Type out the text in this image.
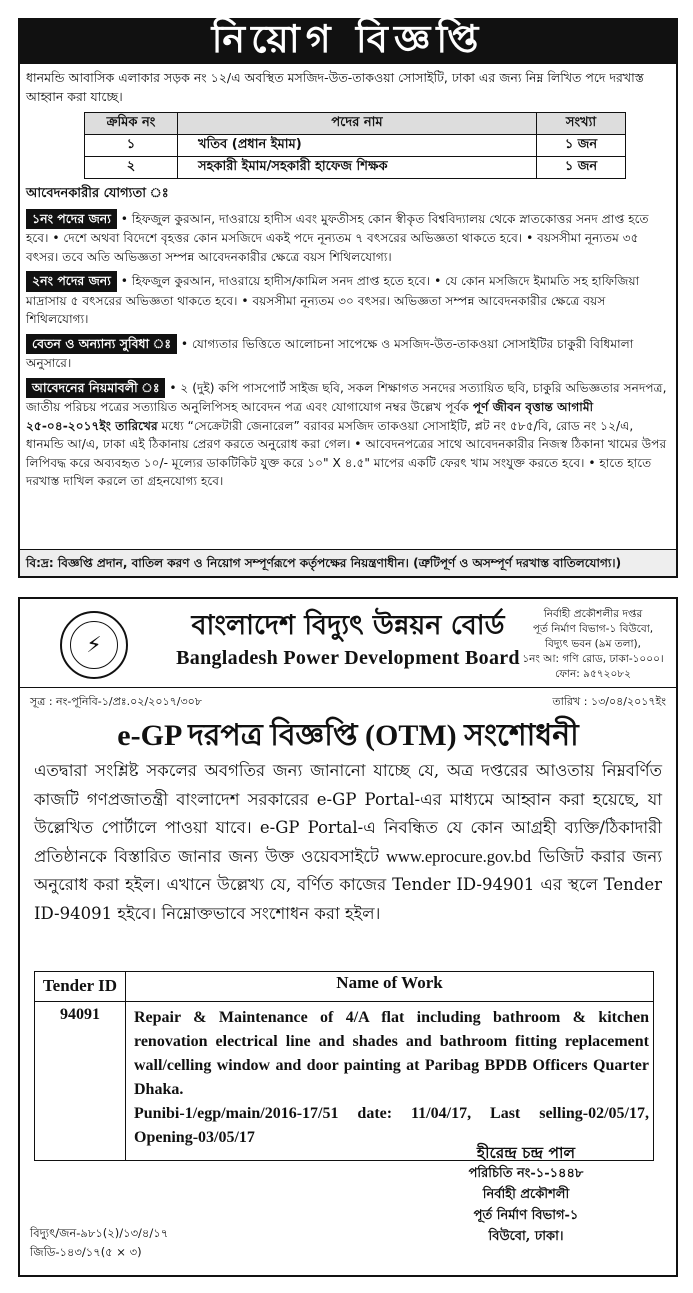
নিয়োগ বিজ্ঞপ্তি
ধানমন্ডি আবাসিক এলাকার সড়ক নং ১২/এ অবস্থিত মসজিদ-উত-তাকওয়া সোসাইটি, ঢাকা এর জন্য নিম্ন লিখিত পদে দরখাস্ত আহ্বান করা যাচ্ছে।
ক্রমিক নং	পদের নাম	সংখ্যা
১	খতিব (প্রধান ইমাম)	১ জন
২	সহকারী ইমাম/সহকারী হাফেজ শিক্ষক	১ জন
আবেদনকারীর যোগ্যতা ঃ
১নং পদের জন্য • হিফজুল কুরআন, দাওরায়ে হাদীস এবং মুফতীসহ কোন স্বীকৃত বিশ্ববিদ্যালয় থেকে স্নাতকোত্তর সনদ প্রাপ্ত হতে হবে। • দেশে অথবা বিদেশে বৃহত্তর কোন মসজিদে একই পদে নূন্যতম ৭ বৎসরের অভিজ্ঞতা থাকতে হবে। • বয়সসীমা নূন্যতম ৩৫ বৎসর। তবে অতি অভিজ্ঞতা সম্পন্ন আবেদনকারীর ক্ষেত্রে বয়স শিথিলযোগ্য।
২নং পদের জন্য • হিফজুল কুরআন, দাওরায়ে হাদীস/কামিল সনদ প্রাপ্ত হতে হবে। • যে কোন মসজিদে ইমামতি সহ হাফিজিয়া মাদ্রাসায় ৫ বৎসরের অভিজ্ঞতা থাকতে হবে। • বয়সসীমা নূন্যতম ৩০ বৎসর। অভিজ্ঞতা সম্পন্ন আবেদনকারীর ক্ষেত্রে বয়স শিথিলযোগ্য।
বেতন ও অন্যান্য সুবিধা ঃ • যোগ্যতার ভিত্তিতে আলোচনা সাপেক্ষে ও মসজিদ-উত-তাকওয়া সোসাইটির চাকুরী বিধিমালা অনুসারে।
আবেদনের নিয়মাবলী ঃ • ২ (দুই) কপি পাসপোর্ট সাইজ ছবি, সকল শিক্ষাগত সনদের সত্যায়িত ছবি, চাকুরি অভিজ্ঞতার সনদপত্র, জাতীয় পরিচয় পত্রের সত্যায়িত অনুলিপিসহ আবেদন পত্র এবং যোগাযোগ নম্বর উল্লেখ পূর্বক পূর্ণ জীবন বৃত্তান্ত আগামী ২৫-০৪-২০১৭ইং তারিখের মধ্যে “সেক্রেটারী জেনারেল” বরাবর মসজিদ তাকওয়া সোসাইটি, প্লট নং ৫৮৫/বি, রোড নং ১২/এ, ধানমন্ডি আ/এ, ঢাকা এই ঠিকানায় প্রেরণ করতে অনুরোধ করা গেল। • আবেদনপত্রের সাথে আবেদনকারীর নিজস্ব ঠিকানা খামের উপর লিপিবদ্ধ করে অব্যবহৃত ১০/- মূল্যের ডাকটিকিট যুক্ত করে ১০" X ৪.৫" মাপের একটি ফেরৎ খাম সংযুক্ত করতে হবে। • হাতে হাতে দরখাস্ত দাখিল করলে তা গ্রহনযোগ্য হবে।
বি:দ্র: বিজ্ঞপ্তি প্রদান, বাতিল করণ ও নিয়োগ সম্পূর্ণরূপে কর্তৃপক্ষের নিয়ন্ত্রণাধীন। (ত্রুটিপূর্ণ ও অসম্পূর্ণ দরখাস্ত বাতিলযোগ্য।)
⚡
বাংলাদেশ বিদ্যুৎ উন্নয়ন বোর্ড
Bangladesh Power Development Board
নির্বাহী প্রকৌশলীর দপ্তর
পূর্ত নির্মাণ বিভাগ-১ বিউবো,
বিদ্যুৎ ভবন (৯ম তলা),
১নং আ: গণি রোড, ঢাকা-১০০০।
ফোন: ৯৫৭২০৮২
সূত্র : নং-পূনিবি-১/প্রঃ.০২/২০১৭/৩০৮	তারিখ : ১৩/০৪/২০১৭ইং
e-GP দরপত্র বিজ্ঞপ্তি (OTM) সংশোধনী
এতদ্বারা সংশ্লিষ্ট সকলের অবগতির জন্য জানানো যাচ্ছে যে, অত্র দপ্তরের আওতায় নিম্নবর্ণিত কাজটি গণপ্রজাতন্ত্রী বাংলাদেশ সরকারের e-GP Portal-এর মাধ্যমে আহ্বান করা হয়েছে, যা উল্লেখিত পোর্টালে পাওয়া যাবে। e-GP Portal-এ নিবন্ধিত যে কোন আগ্রহী ব্যক্তি/ঠিকাদারী প্রতিষ্ঠানকে বিস্তারিত জানার জন্য উক্ত ওয়েবসাইটে www.eprocure.gov.bd ভিজিট করার জন্য অনুরোধ করা হইল। এখানে উল্লেখ্য যে, বর্ণিত কাজের Tender ID-94901 এর স্থলে Tender ID-94091 হইবে। নিম্নোক্তভাবে সংশোধন করা হইল।
Tender ID	Name of Work
94091	Repair & Maintenance of 4/A flat including bathroom & kitchen renovation electrical line and shades and bathroom fitting replacement wall/celling window and door painting at Paribag BPDB Officers Quarter Dhaka.
Punibi-1/egp/main/2016-17/51 date: 11/04/17, Last selling-02/05/17, Opening-03/05/17
হীরেন্দ্র চন্দ্র পাল
পরিচিতি নং-১-১৪৪৮
নির্বাহী প্রকৌশলী
পূর্ত নির্মাণ বিভাগ-১
বিউবো, ঢাকা।
বিদ্যুৎ/জন-৯৮১(২)/১৩/৪/১৭
জিডি-১৪৩/১৭(৫ × ৩)
